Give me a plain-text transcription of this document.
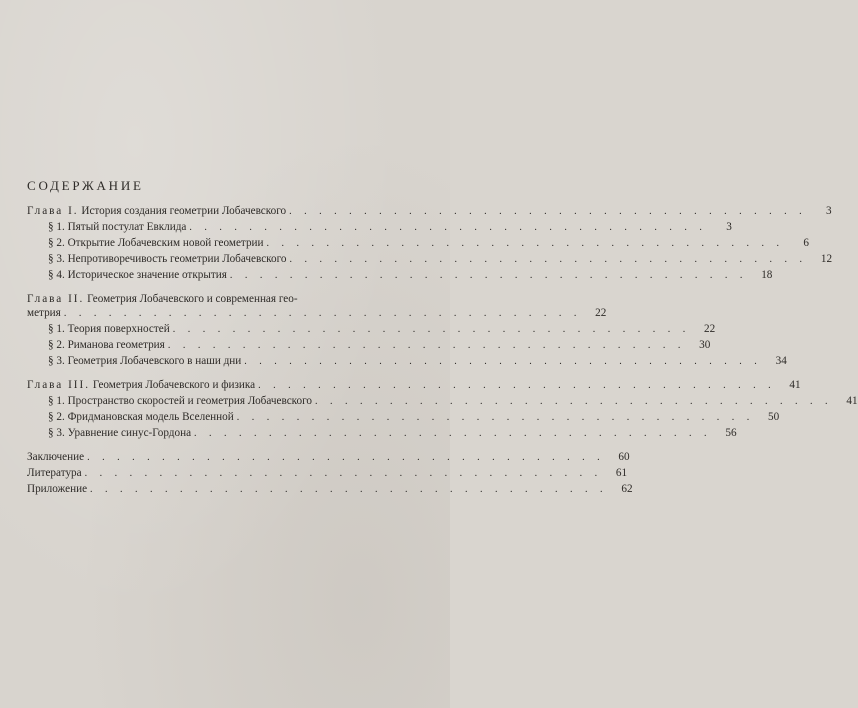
СОДЕРЖАНИЕ
Глава I. История создания геометрии Лобачевского . . . . . . . . . . . . . . . . . . . . . . . . . . . . . . . . . . .	3
§ 1. Пятый постулат Евклида . . . . . . . . . . . . . . . . . . . . . . . . . . . . . . . . . . .	3
§ 2. Открытие Лобачевским новой геометрии . . . . . . . . . . . . . . . . . . . . . . . . . . . . . . . . . . .	6
§ 3. Непротиворечивость геометрии Лобачевского . . . . . . . . . . . . . . . . . . . . . . . . . . . . . . . . . . .	12
§ 4. Историческое значение открытия . . . . . . . . . . . . . . . . . . . . . . . . . . . . . . . . . . .	18
Глава II. Геометрия Лобачевского и современная гео-
метрия . . . . . . . . . . . . . . . . . . . . . . . . . . . . . . . . . . .	22
§ 1. Теория поверхностей . . . . . . . . . . . . . . . . . . . . . . . . . . . . . . . . . . .	22
§ 2. Риманова геометрия . . . . . . . . . . . . . . . . . . . . . . . . . . . . . . . . . . .	30
§ 3. Геометрия Лобачевского в наши дни . . . . . . . . . . . . . . . . . . . . . . . . . . . . . . . . . . .	34
Глава III. Геометрия Лобачевского и физика . . . . . . . . . . . . . . . . . . . . . . . . . . . . . . . . . . .	41
§ 1. Пространство скоростей и геометрия Лобачевского . . . . . . . . . . . . . . . . . . . . . . . . . . . . . . . . . . .	41
§ 2. Фридмановская модель Вселенной . . . . . . . . . . . . . . . . . . . . . . . . . . . . . . . . . . .	50
§ 3. Уравнение синус-Гордона . . . . . . . . . . . . . . . . . . . . . . . . . . . . . . . . . . .	56
Заключение . . . . . . . . . . . . . . . . . . . . . . . . . . . . . . . . . . .	60
Литература . . . . . . . . . . . . . . . . . . . . . . . . . . . . . . . . . . .	61
Приложение . . . . . . . . . . . . . . . . . . . . . . . . . . . . . . . . . . .	62
